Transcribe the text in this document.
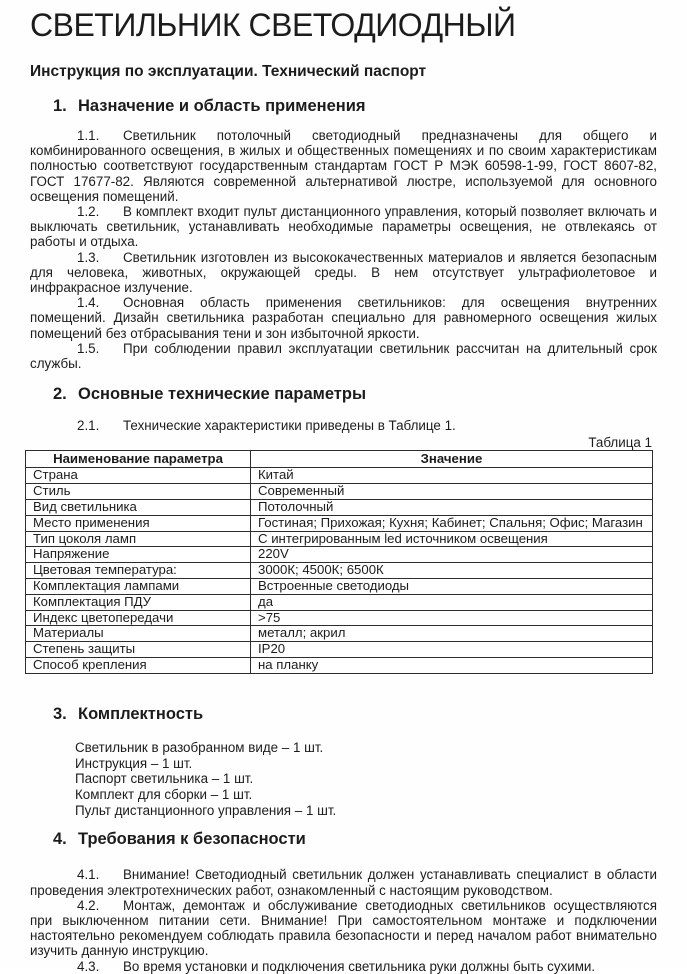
СВЕТИЛЬНИК СВЕТОДИОДНЫЙ
Инструкция по эксплуатации. Технический паспорт
1. Назначение и область применения

1.1. Светильник потолочный светодиодный предназначены для общего и комбинированного освещения, в жилых и общественных помещениях и по своим характеристикам полностью соответствуют государственным стандартам ГОСТ Р МЭК 60598-1-99, ГОСТ 8607-82, ГОСТ 17677-82. Являются современной альтернативой люстре, используемой для основного освещения помещений.

1.2. В комплект входит пульт дистанционного управления, который позволяет включать и выключать светильник, устанавливать необходимые параметры освещения, не отвлекаясь от работы и отдыха.

1.3. Светильник изготовлен из высококачественных материалов и является безопасным для человека, животных, окружающей среды. В нем отсутствует ультрафиолетовое и инфракрасное излучение.

1.4. Основная область применения светильников: для освещения внутренних помещений. Дизайн светильника разработан специально для равномерного освещения жилых помещений без отбрасывания тени и зон избыточной яркости.

1.5. При соблюдении правил эксплуатации светильник рассчитан на длительный срок службы.

2. Основные технические параметры

2.1. Технические характеристики приведены в Таблице 1.

Таблица 1
Наименование параметра	Значение
Страна	Китай
Стиль	Современный
Вид светильника	Потолочный
Место применения	Гостиная; Прихожая; Кухня; Кабинет; Спальня; Офис; Магазин
Тип цоколя ламп	С интегрированным led источником освещения
Напряжение	220V
Цветовая температура:	3000К; 4500К; 6500К
Комплектация лампами	Встроенные светодиоды
Комплектация ПДУ	да
Индекс цветопередачи	>75
Материалы	металл; акрил
Степень защиты	IP20
Способ крепления	на планку
3. Комплектность

Светильник в разобранном виде – 1 шт.

Инструкция – 1 шт.

Паспорт светильника – 1 шт.

Комплект для сборки – 1 шт.

Пульт дистанционного управления – 1 шт.

4. Требования к безопасности

4.1. Внимание! Светодиодный светильник должен устанавливать специалист в области проведения электротехнических работ, ознакомленный с настоящим руководством.

4.2. Монтаж, демонтаж и обслуживание светодиодных светильников осуществляются при выключенном питании сети. Внимание! При самостоятельном монтаже и подключении настоятельно рекомендуем соблюдать правила безопасности и перед началом работ внимательно изучить данную инструкцию.

4.3. Во время установки и подключения светильника руки должны быть сухими.
